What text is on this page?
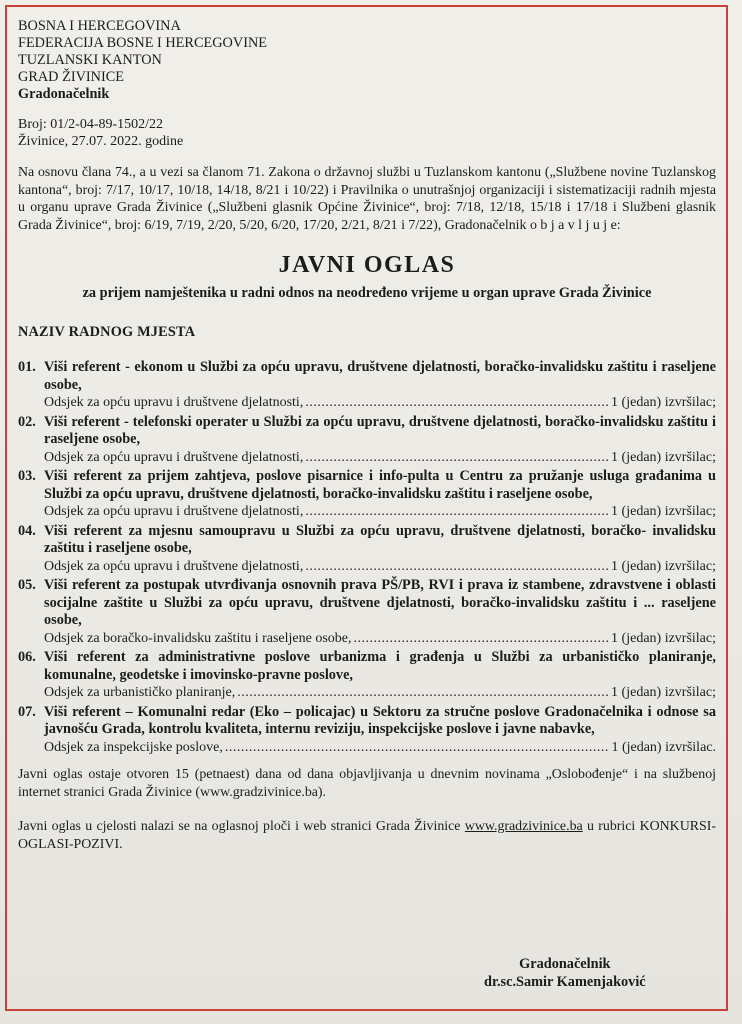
BOSNA I HERCEGOVINA
FEDERACIJA BOSNE I HERCEGOVINE
TUZLANSKI KANTON
GRAD ŽIVINICE
Gradonačelnik
Broj: 01/2-04-89-1502/22
Živinice, 27.07. 2022. godine
Na osnovu člana 74., a u vezi sa članom 71. Zakona o državnoj službi u Tuzlanskom kantonu („Službene novine Tuzlanskog kantona“, broj: 7/17, 10/17, 10/18, 14/18, 8/21 i 10/22) i Pravilnika o unutrašnjoj organizaciji i sistematizaciji radnih mjesta u organu uprave Grada Živinice („Službeni glasnik Općine Živinice“, broj: 7/18, 12/18, 15/18 i 17/18 i Službeni glasnik Grada Živinice“, broj: 6/19, 7/19, 2/20, 5/20, 6/20, 17/20, 2/21, 8/21 i 7/22), Gradonačelnik o b j a v l j u j e:
JAVNI OGLAS
za prijem namještenika u radni odnos na neodređeno vrijeme u organ uprave Grada Živinice
NAZIV RADNOG MJESTA
01. Viši referent - ekonom u Službi za opću upravu, društvene djelatnosti, boračko-invalidsku zaštitu i raseljene osobe,
Odsjek za opću upravu i društvene djelatnosti, .....	1 (jedan) izvršilac;
02. Viši referent - telefonski operater u Službi za opću upravu, društvene djelatnosti, boračko-invalidsku zaštitu i raseljene osobe,
Odsjek za opću upravu i društvene djelatnosti, .....	1 (jedan) izvršilac;
03. Viši referent za prijem zahtjeva, poslove pisarnice i info-pulta u Centru za pružanje usluga građanima u Službi za opću upravu, društvene djelatnosti, boračko-invalidsku zaštitu i raseljene osobe,
Odsjek za opću upravu i društvene djelatnosti, .....	1 (jedan) izvršilac;
04. Viši referent za mjesnu samoupravu u Službi za opću upravu, društvene djelatnosti, boračko- invalidsku zaštitu i raseljene osobe,
Odsjek za opću upravu i društvene djelatnosti, .....	1 (jedan) izvršilac;
05. Viši referent za postupak utvrđivanja osnovnih prava PŠ/PB, RVI i prava iz stambene, zdravstvene i oblasti socijalne zaštite u Službi za opću upravu, društvene djelatnosti, boračko-invalidsku zaštitu i ... raseljene osobe,
Odsjek za boračko-invalidsku zaštitu i raseljene osobe, .....	1 (jedan) izvršilac;
06. Viši referent za administrativne poslove urbanizma i građenja u Službi za urbanističko planiranje, komunalne, geodetske i imovinsko-pravne poslove,
Odsjek za urbanističko planiranje, .....	1 (jedan) izvršilac;
07. Viši referent – Komunalni redar (Eko – policajac) u Sektoru za stručne poslove Gradonačelnika i odnose sa javnošću Grada, kontrolu kvaliteta, internu reviziju, inspekcijske poslove i javne nabavke,
Odsjek za inspekcijske poslove, .....	1 (jedan) izvršilac.
Javni oglas ostaje otvoren 15 (petnaest) dana od dana objavljivanja u dnevnim novinama „Oslobođenje“ i na službenoj internet stranici Grada Živinice (www.gradzivinice.ba).
Javni oglas u cjelosti nalazi se na oglasnoj ploči i web stranici Grada Živinice www.gradzivinice.ba u rubrici KONKURSI-OGLASI-POZIVI.
Gradonačelnik
dr.sc.Samir Kamenjaković
